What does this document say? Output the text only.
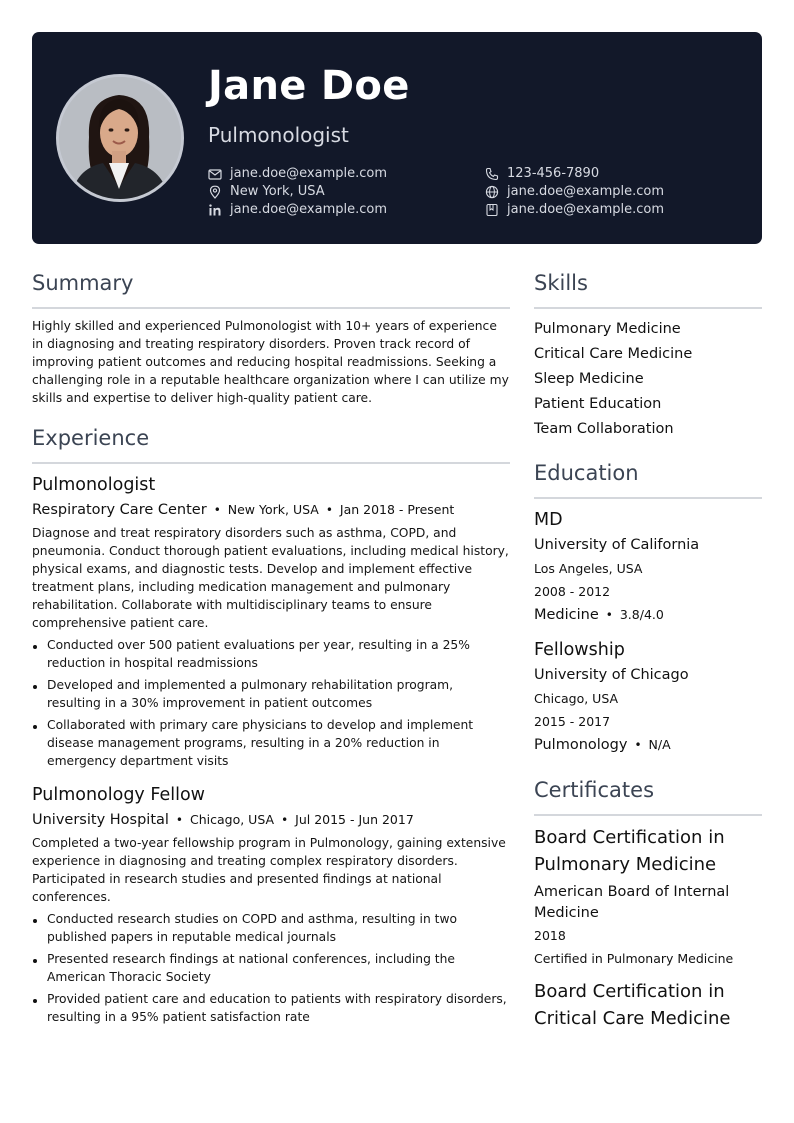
Jane Doe
Pulmonologist
jane.doe@example.com	123-456-7890
New York, USA	jane.doe@example.com
jane.doe@example.com	jane.doe@example.com
Summary
Highly skilled and experienced Pulmonologist with 10+ years of experience in diagnosing and treating respiratory disorders. Proven track record of improving patient outcomes and reducing hospital readmissions. Seeking a challenging role in a reputable healthcare organization where I can utilize my skills and expertise to deliver high-quality patient care.
Experience
Pulmonologist
Respiratory Care Center • New York, USA • Jan 2018 - Present
Diagnose and treat respiratory disorders such as asthma, COPD, and pneumonia. Conduct thorough patient evaluations, including medical history, physical exams, and diagnostic tests. Develop and implement effective treatment plans, including medication management and pulmonary rehabilitation. Collaborate with multidisciplinary teams to ensure comprehensive patient care.
Conducted over 500 patient evaluations per year, resulting in a 25% reduction in hospital readmissions
Developed and implemented a pulmonary rehabilitation program, resulting in a 30% improvement in patient outcomes
Collaborated with primary care physicians to develop and implement disease management programs, resulting in a 20% reduction in emergency department visits
Pulmonology Fellow
University Hospital • Chicago, USA • Jul 2015 - Jun 2017
Completed a two-year fellowship program in Pulmonology, gaining extensive experience in diagnosing and treating complex respiratory disorders. Participated in research studies and presented findings at national conferences.
Conducted research studies on COPD and asthma, resulting in two published papers in reputable medical journals
Presented research findings at national conferences, including the American Thoracic Society
Provided patient care and education to patients with respiratory disorders, resulting in a 95% patient satisfaction rate
Skills
Pulmonary Medicine
Critical Care Medicine
Sleep Medicine
Patient Education
Team Collaboration
Education
MD
University of California
Los Angeles, USA
2008 - 2012
Medicine • 3.8/4.0
Fellowship
University of Chicago
Chicago, USA
2015 - 2017
Pulmonology • N/A
Certificates
Board Certification in Pulmonary Medicine
American Board of Internal Medicine
2018
Certified in Pulmonary Medicine
Board Certification in Critical Care Medicine
